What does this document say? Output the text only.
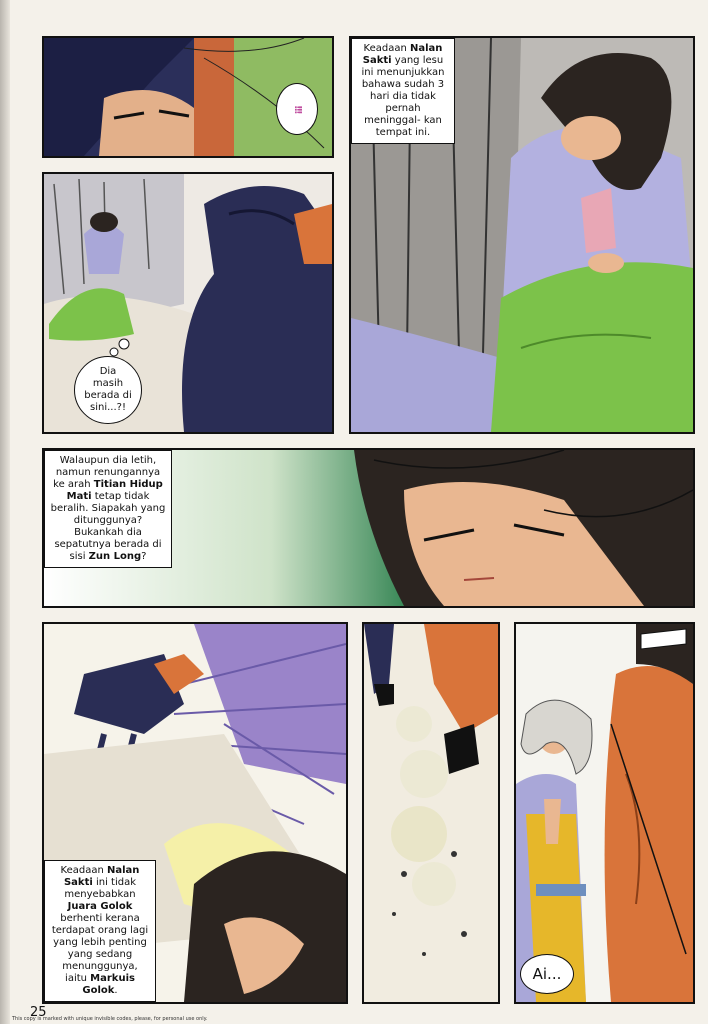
!!!
Dia
masih
berada di
sini...?!
Keadaan Nalan Sakti yang lesu ini menunjukkan bahawa sudah 3 hari dia tidak pernah meninggal- kan tempat ini.
Walaupun dia letih, namun renungannya ke arah Titian Hidup Mati tetap tidak beralih. Siapakah yang ditunggunya? Bukankah dia sepatutnya berada di sisi Zun Long?
Keadaan Nalan Sakti ini tidak menyebabkan Juara Golok berhenti kerana terdapat orang lagi yang lebih penting yang sedang menunggunya, iaitu Markuis Golok.
Ai...
25
This copy is marked with unique invisible codes, please, for personal use only.
